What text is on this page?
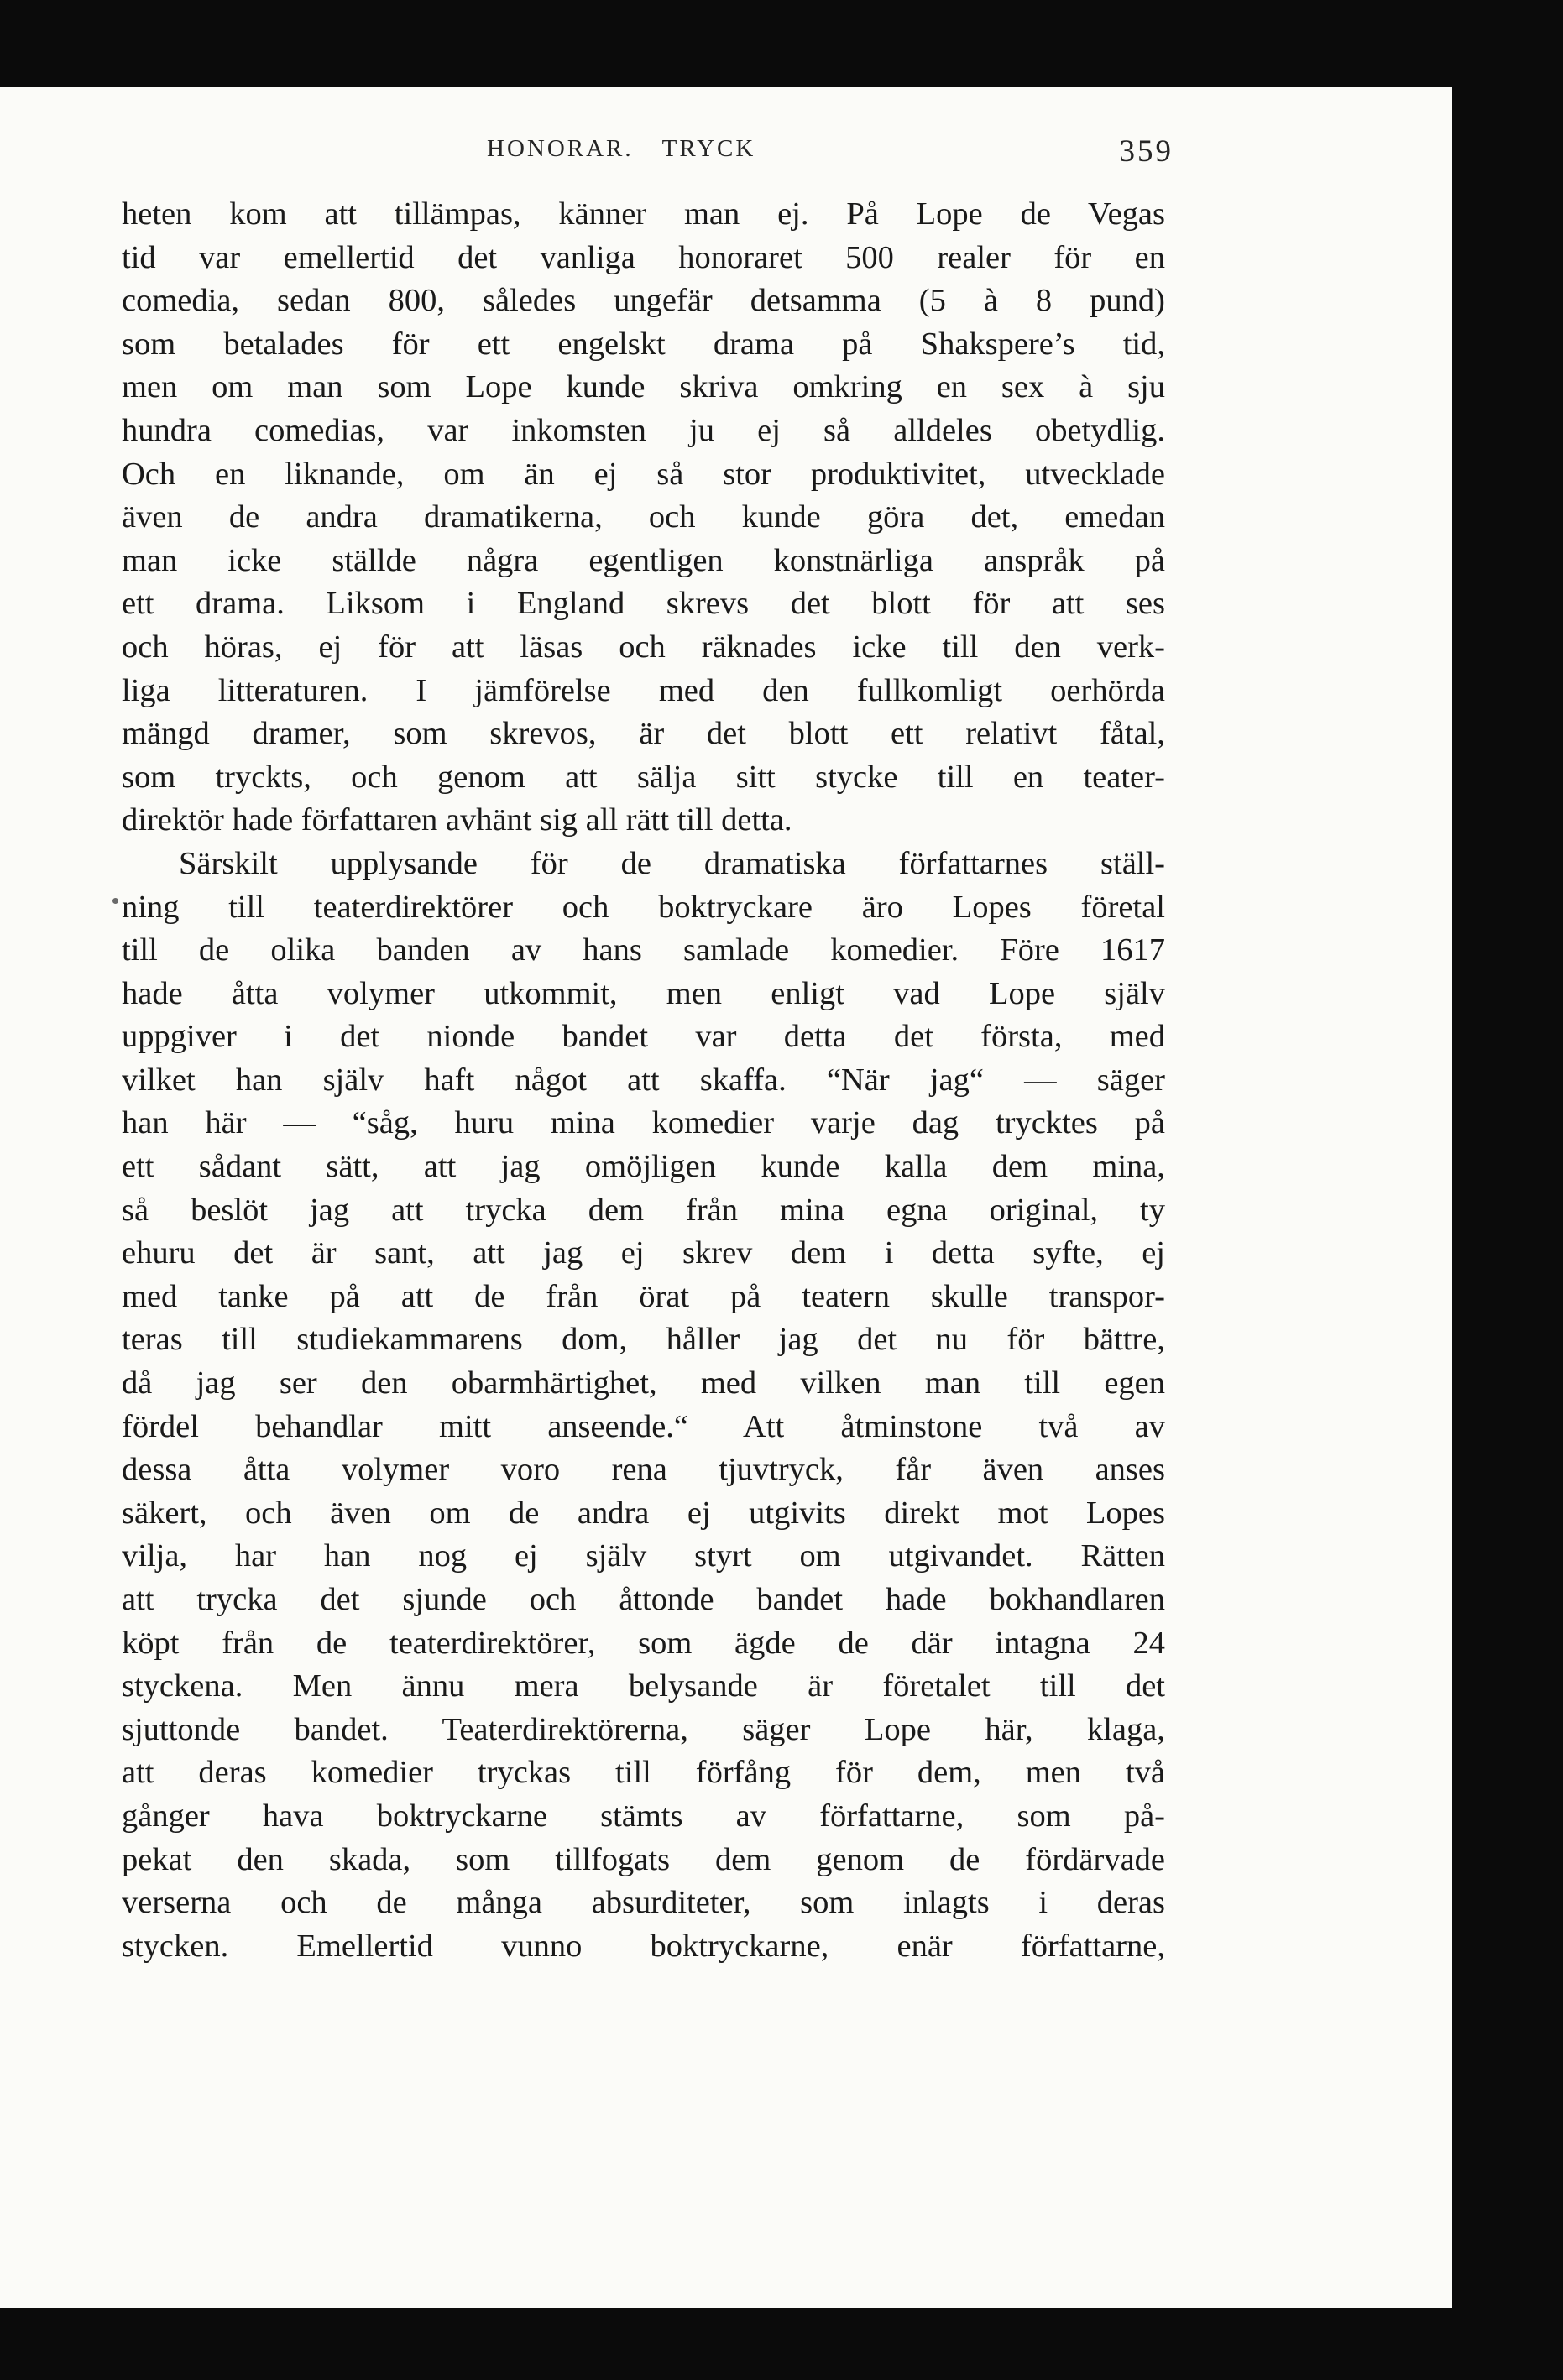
HONORAR. TRYCK	359
heten kom att tillämpas, känner man ej. På Lope de Vegas
tid var emellertid det vanliga honoraret 500 realer för en
comedia, sedan 800, således ungefär detsamma (5 à 8 pund)
som betalades för ett engelskt drama på Shakspere’s tid,
men om man som Lope kunde skriva omkring en sex à sju
hundra comedias, var inkomsten ju ej så alldeles obetydlig.
Och en liknande, om än ej så stor produktivitet, utvecklade
även de andra dramatikerna, och kunde göra det, emedan
man icke ställde några egentligen konstnärliga anspråk på
ett drama. Liksom i England skrevs det blott för att ses
och höras, ej för att läsas och räknades icke till den verk-
liga litteraturen. I jämförelse med den fullkomligt oerhörda
mängd dramer, som skrevos, är det blott ett relativt fåtal,
som tryckts, och genom att sälja sitt stycke till en teater-
direktör hade författaren avhänt sig all rätt till detta.
Särskilt upplysande för de dramatiska författarnes ställ-
ning till teaterdirektörer och boktryckare äro Lopes företal
till de olika banden av hans samlade komedier. Före 1617
hade åtta volymer utkommit, men enligt vad Lope själv
uppgiver i det nionde bandet var detta det första, med
vilket han själv haft något att skaffa. “När jag“ — säger
han här — “såg, huru mina komedier varje dag trycktes på
ett sådant sätt, att jag omöjligen kunde kalla dem mina,
så beslöt jag att trycka dem från mina egna original, ty
ehuru det är sant, att jag ej skrev dem i detta syfte, ej
med tanke på att de från örat på teatern skulle transpor-
teras till studiekammarens dom, håller jag det nu för bättre,
då jag ser den obarmhärtighet, med vilken man till egen
fördel behandlar mitt anseende.“ Att åtminstone två av
dessa åtta volymer voro rena tjuvtryck, får även anses
säkert, och även om de andra ej utgivits direkt mot Lopes
vilja, har han nog ej själv styrt om utgivandet. Rätten
att trycka det sjunde och åttonde bandet hade bokhandlaren
köpt från de teaterdirektörer, som ägde de där intagna 24
styckena. Men ännu mera belysande är företalet till det
sjuttonde bandet. Teaterdirektörerna, säger Lope här, klaga,
att deras komedier tryckas till förfång för dem, men två
gånger hava boktryckarne stämts av författarne, som på-
pekat den skada, som tillfogats dem genom de fördärvade
verserna och de många absurditeter, som inlagts i deras
stycken. Emellertid vunno boktryckarne, enär författarne,
